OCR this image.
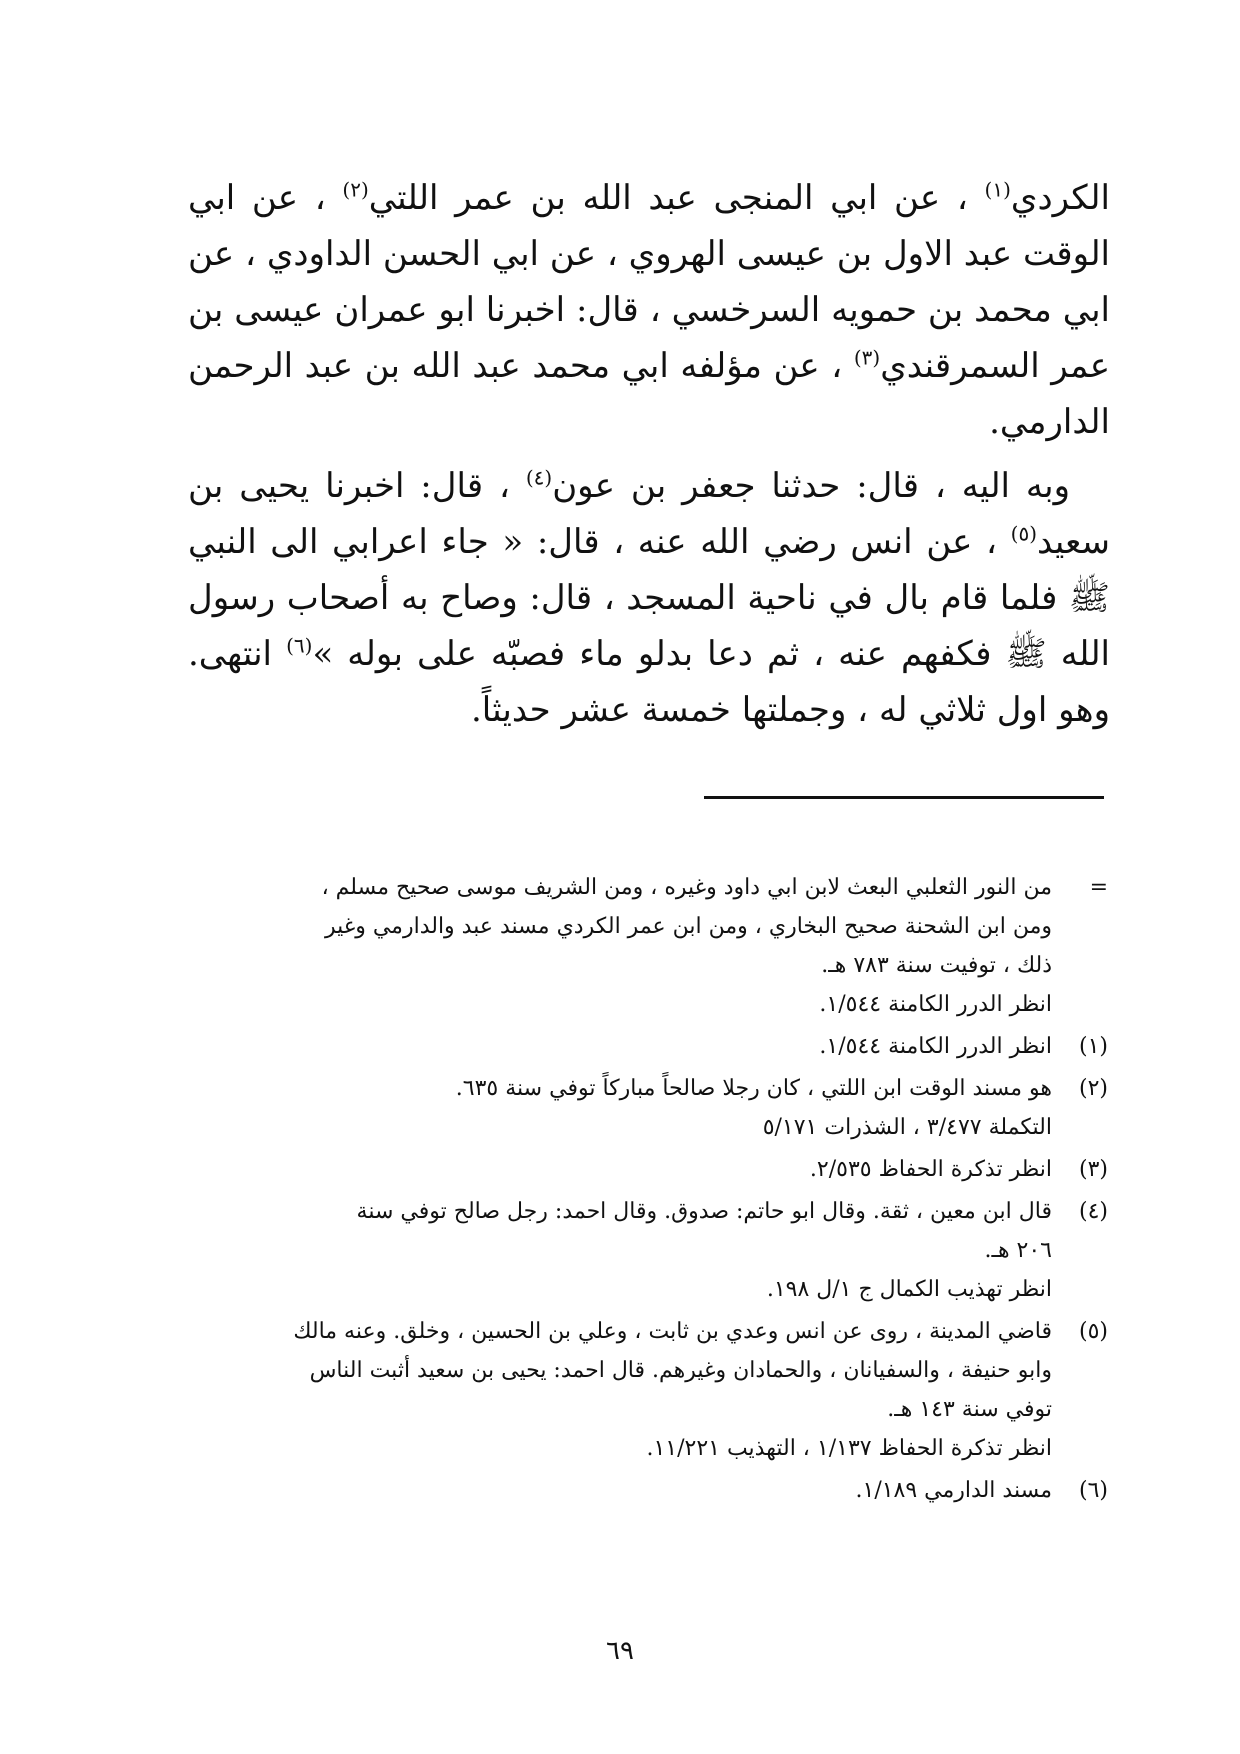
الكردي$^{(١)}$ ، عن ابي المنجى عبد الله بن عمر اللتي$^{(٢)}$ ، عن ابي الوقت عبد الاول بن عيسى الهروي ، عن ابي الحسن الداودي ، عن ابي محمد بن حمويه السرخسي ، قال: اخبرنا ابو عمران عيسى بن عمر السمرقندي$^{(٣)}$ ، عن مؤلفه ابي محمد عبد الله بن عبد الرحمن الدارمي.

وبه اليه ، قال: حدثنا جعفر بن عون$^{(٤)}$ ، قال: اخبرنا يحيى بن سعيد$^{(٥)}$ ، عن انس رضي الله عنه ، قال: « جاء اعرابي الى النبي ﷺ فلما قام بال في ناحية المسجد ، قال: وصاح به أصحاب رسول الله ﷺ فكفهم عنه ، ثم دعا بدلو ماء فصبّه على بوله »$^{(٦)}$ انتهى. وهو اول ثلاثي له ، وجملتها خمسة عشر حديثاً.

=
من النور الثعلبي البعث لابن ابي داود وغيره ، ومن الشريف موسى صحيح مسلم ،
ومن ابن الشحنة صحيح البخاري ، ومن ابن عمر الكردي مسند عبد والدارمي وغير
ذلك ، توفيت سنة ٧٨٣ هـ.
انظر الدرر الكامنة ١/٥٤٤.
(١)
انظر الدرر الكامنة ١/٥٤٤.
(٢)
هو مسند الوقت ابن اللتي ، كان رجلا صالحاً مباركاً توفي سنة ٦٣٥.
التكملة ٣/٤٧٧ ، الشذرات ٥/١٧١
(٣)
انظر تذكرة الحفاظ ٢/٥٣٥.
(٤)
قال ابن معين ، ثقة. وقال ابو حاتم: صدوق. وقال احمد: رجل صالح توفي سنة
٢٠٦ هـ.
انظر تهذيب الكمال ج ١/ل ١٩٨.
(٥)
قاضي المدينة ، روى عن انس وعدي بن ثابت ، وعلي بن الحسين ، وخلق. وعنه مالك
وابو حنيفة ، والسفيانان ، والحمادان وغيرهم. قال احمد: يحيى بن سعيد أثبت الناس
توفي سنة ١٤٣ هـ.
انظر تذكرة الحفاظ ١/١٣٧ ، التهذيب ١١/٢٢١.
(٦)
مسند الدارمي ١/١٨٩.
٦٩
